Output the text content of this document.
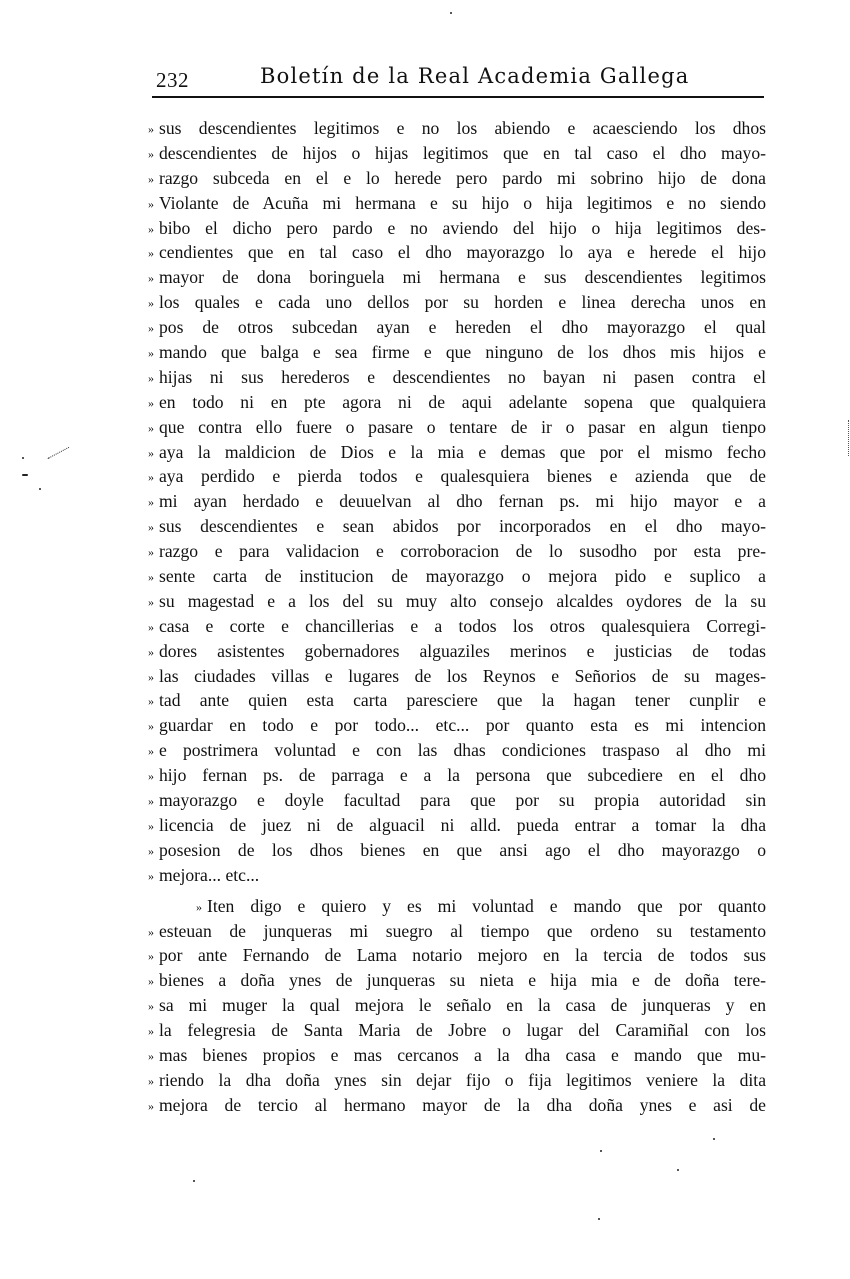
232	Boletín de la Real Academia Gallega
» sus descendientes legitimos e no los abiendo e acaesciendo los dhos
» descendientes de hijos o hijas legitimos que en tal caso el dho mayo-
» razgo subceda en el e lo herede pero pardo mi sobrino hijo de dona
» Violante de Acuña mi hermana e su hijo o hija legitimos e no siendo
» bibo el dicho pero pardo e no aviendo del hijo o hija legitimos des-
» cendientes que en tal caso el dho mayorazgo lo aya e herede el hijo
» mayor de dona boringuela mi hermana e sus descendientes legitimos
» los quales e cada uno dellos por su horden e linea derecha unos en
» pos de otros subcedan ayan e hereden el dho mayorazgo el qual
» mando que balga e sea firme e que ninguno de los dhos mis hijos e
» hijas ni sus herederos e descendientes no bayan ni pasen contra el
» en todo ni en pte agora ni de aqui adelante sopena que qualquiera
» que contra ello fuere o pasare o tentare de ir o pasar en algun tienpo
» aya la maldicion de Dios e la mia e demas que por el mismo fecho
» aya perdido e pierda todos e qualesquiera bienes e azienda que de
» mi ayan herdado e deuuelvan al dho fernan ps. mi hijo mayor e a
» sus descendientes e sean abidos por incorporados en el dho mayo-
» razgo e para validacion e corroboracion de lo susodho por esta pre-
» sente carta de institucion de mayorazgo o mejora pido e suplico a
» su magestad e a los del su muy alto consejo alcaldes oydores de la su
» casa e corte e chancillerias e a todos los otros qualesquiera Corregi-
» dores asistentes gobernadores alguaziles merinos e justicias de todas
» las ciudades villas e lugares de los Reynos e Señorios de su mages-
» tad ante quien esta carta paresciere que la hagan tener cunplir e
» guardar en todo e por todo... etc... por quanto esta es mi intencion
» e postrimera voluntad e con las dhas condiciones traspaso al dho mi
» hijo fernan ps. de parraga e a la persona que subcediere en el dho
» mayorazgo e doyle facultad para que por su propia autoridad sin
» licencia de juez ni de alguacil ni alld. pueda entrar a tomar la dha
» posesion de los dhos bienes en que ansi ago el dho mayorazgo o
» mejora... etc...
» Iten digo e quiero y es mi voluntad e mando que por quanto
» esteuan de junqueras mi suegro al tiempo que ordeno su testamento
» por ante Fernando de Lama notario mejoro en la tercia de todos sus
» bienes a doña ynes de junqueras su nieta e hija mia e de doña tere-
» sa mi muger la qual mejora le señalo en la casa de junqueras y en
» la felegresia de Santa Maria de Jobre o lugar del Caramiñal con los
» mas bienes propios e mas cercanos a la dha casa e mando que mu-
» riendo la dha doña ynes sin dejar fijo o fija legitimos veniere la dita
» mejora de tercio al hermano mayor de la dha doña ynes e asi de
